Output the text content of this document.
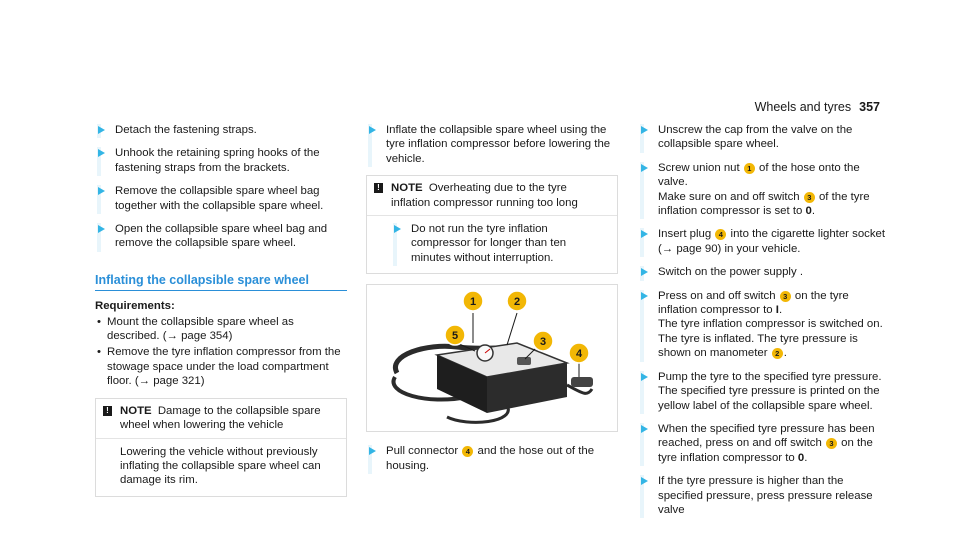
Wheels and tyres 357
Detach the fastening straps.
Unhook the retaining spring hooks of the fastening straps from the brackets.
Remove the collapsible spare wheel bag together with the collapsible spare wheel.
Open the collapsible spare wheel bag and remove the collapsible spare wheel.
Inflating the collapsible spare wheel
Requirements:
• Mount the collapsible spare wheel as described. (→ page 354)
• Remove the tyre inflation compressor from the stowage space under the load compartment floor. (→ page 321)
! NOTE Damage to the collapsible spare wheel when lowering the vehicle
Lowering the vehicle without previously inflating the collapsible spare wheel can damage its rim.
Inflate the collapsible spare wheel using the tyre inflation compressor before lowering the vehicle.
! NOTE Overheating due to the tyre inflation compressor running too long
Do not run the tyre inflation compressor for longer than ten minutes without interruption.
1	2
3
4
5
Pull connector 4 and the hose out of the housing.
Unscrew the cap from the valve on the collapsible spare wheel.
Screw union nut 1 of the hose onto the valve.
Make sure on and off switch 3 of the tyre inflation compressor is set to 0.
Insert plug 4 into the cigarette lighter socket (→ page 90) in your vehicle.
Switch on the power supply .
Press on and off switch 3 on the tyre inflation compressor to I.
The tyre inflation compressor is switched on. The tyre is inflated. The tyre pressure is shown on manometer 2 .
Pump the tyre to the specified tyre pressure. The specified tyre pressure is printed on the yellow label of the collapsible spare wheel.
When the specified tyre pressure has been reached, press on and off switch 3 on the tyre inflation compressor to 0.
If the tyre pressure is higher than the specified pressure, press pressure release valve
